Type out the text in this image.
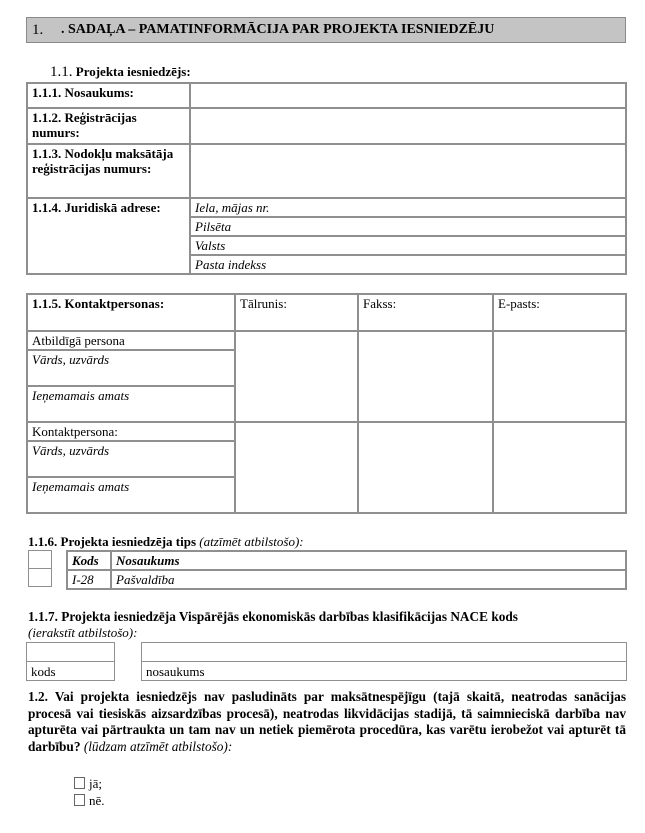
1. . SADAĻA – PAMATINFORMĀCIJA PAR PROJEKTA IESNIEDZĒJU
1.1. Projekta iesniedzējs:
1.1.1. Nosaukums:	
1.1.2. Reģistrācijas numurs:	
1.1.3. Nodokļu maksātāja reģistrācijas numurs:	
1.1.4. Juridiskā adrese:	Iela, mājas nr.
	Pilsēta
	Valsts
	Pasta indekss
1.1.5. Kontaktpersonas:	Tālrunis:	Fakss:	E-pasts:
Atbildīgā persona			
Vārds, uzvārds			
Ieņemamais amats			
Kontaktpersona:			
Vārds, uzvārds			
Ieņemamais amats			
1.1.6. Projekta iesniedzēja tips (atzīmēt atbilstošo):
Kods	Nosaukums
I-28	Pašvaldība
1.1.7. Projekta iesniedzēja Vispārējās ekonomiskās darbības klasifikācijas NACE kods
(ierakstīt atbilstošo):
kods	nosaukums
1.2. Vai projekta iesniedzējs nav pasludināts par maksātnespējīgu (tajā skaitā, neatrodas sanācijas procesā vai tiesiskās aizsardzības procesā), neatrodas likvidācijas stadijā, tā saimnieciskā darbība nav apturēta vai pārtraukta un tam nav un netiek piemērota procedūra, kas varētu ierobežot vai apturēt tā darbību? (lūdzam atzīmēt atbilstošo):
jā;
nē.
